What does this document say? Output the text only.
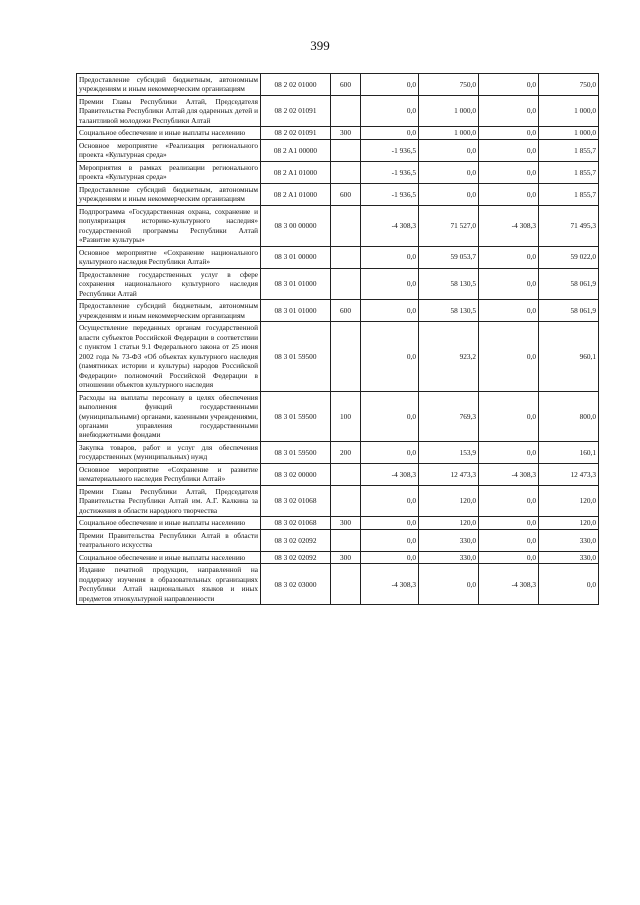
399
Предоставление субсидий бюджетным, автономным учреждениям и иным некоммерческим организациям	08 2 02 01000	600	0,0	750,0	0,0	750,0
Премии Главы Республики Алтай, Председателя Правительства Республики Алтай для одаренных детей и талантливой молодежи Республики Алтай	08 2 02 01091		0,0	1 000,0	0,0	1 000,0
Социальное обеспечение и иные выплаты населению	08 2 02 01091	300	0,0	1 000,0	0,0	1 000,0
Основное мероприятие «Реализация регионального проекта «Культурная среда»	08 2 A1 00000		-1 936,5	0,0	0,0	1 855,7
Мероприятия в рамках реализации регионального проекта «Культурная среда»	08 2 A1 01000		-1 936,5	0,0	0,0	1 855,7
Предоставление субсидий бюджетным, автономным учреждениям и иным некоммерческим организациям	08 2 A1 01000	600	-1 936,5	0,0	0,0	1 855,7
Подпрограмма «Государственная охрана, сохранение и популяризация историко-культурного наследия» государственной программы Республики Алтай «Развитие культуры»	08 3 00 00000		-4 308,3	71 527,0	-4 308,3	71 495,3
Основное мероприятие «Сохранение национального культурного наследия Республики Алтай»	08 3 01 00000		0,0	59 053,7	0,0	59 022,0
Предоставление государственных услуг в сфере сохранения национального культурного наследия Республики Алтай	08 3 01 01000		0,0	58 130,5	0,0	58 061,9
Предоставление субсидий бюджетным, автономным учреждениям и иным некоммерческим организациям	08 3 01 01000	600	0,0	58 130,5	0,0	58 061,9
Осуществление переданных органам государственной власти субъектов Российской Федерации в соответствии с пунктом 1 статьи 9.1 Федерального закона от 25 июня 2002 года № 73-ФЗ «Об объектах культурного наследия (памятниках истории и культуры) народов Российской Федерации» полномочий Российской Федерации в отношении объектов культурного наследия	08 3 01 59500		0,0	923,2	0,0	960,1
Расходы на выплаты персоналу в целях обеспечения выполнения функций государственными (муниципальными) органами, казенными учреждениями, органами управления государственными внебюджетными фондами	08 3 01 59500	100	0,0	769,3	0,0	800,0
Закупка товаров, работ и услуг для обеспечения государственных (муниципальных) нужд	08 3 01 59500	200	0,0	153,9	0,0	160,1
Основное мероприятие «Сохранение и развитие нематериального наследия Республики Алтай»	08 3 02 00000		-4 308,3	12 473,3	-4 308,3	12 473,3
Премии Главы Республики Алтай, Председателя Правительства Республики Алтай им. А.Г. Калкина за достижения в области народного творчества	08 3 02 01068		0,0	120,0	0,0	120,0
Социальное обеспечение и иные выплаты населению	08 3 02 01068	300	0,0	120,0	0,0	120,0
Премии Правительства Республики Алтай в области театрального искусства	08 3 02 02092		0,0	330,0	0,0	330,0
Социальное обеспечение и иные выплаты населению	08 3 02 02092	300	0,0	330,0	0,0	330,0
Издание печатной продукции, направленной на поддержку изучения в образовательных организациях Республики Алтай национальных языков и иных предметов этнокультурной направленности	08 3 02 03000		-4 308,3	0,0	-4 308,3	0,0
